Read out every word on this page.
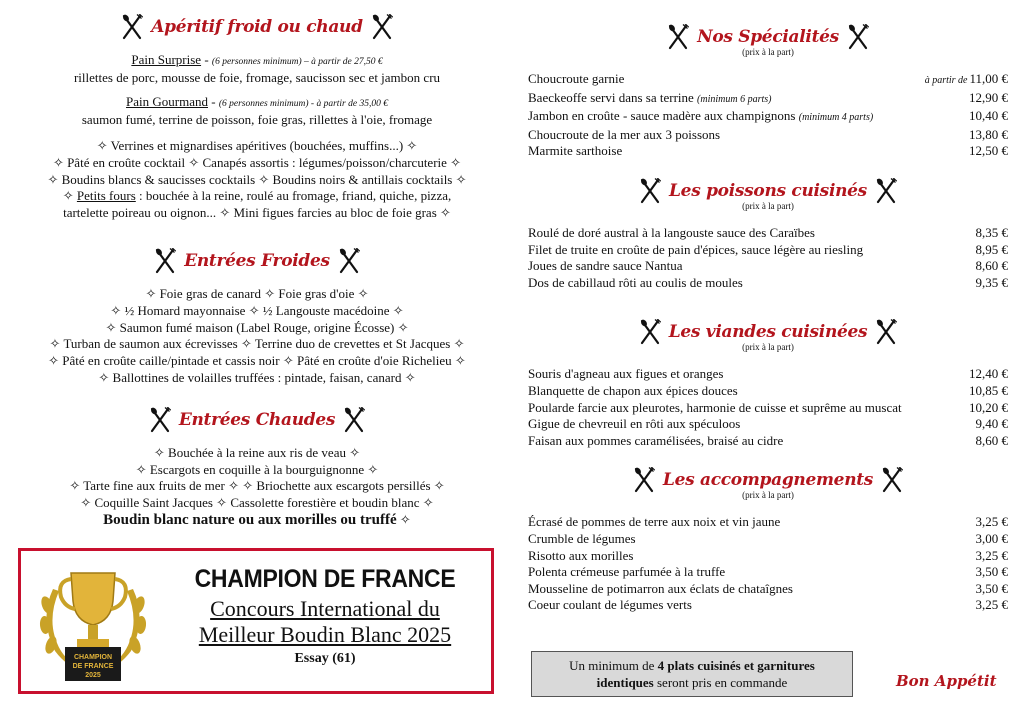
Apéritif froid ou chaud
Pain Surprise - (6 personnes minimum) – à partir de 27,50 €
rillettes de porc, mousse de foie, fromage, saucisson sec et jambon cru
Pain Gourmand - (6 personnes minimum) - à partir de 35,00 €
saumon fumé, terrine de poisson, foie gras, rillettes à l'oie, fromage
✧ Verrines et mignardises apéritives (bouchées, muffins...) ✧
✧ Pâté en croûte cocktail ✧ Canapés assortis : légumes/poisson/charcuterie ✧
✧ Boudins blancs & saucisses cocktails ✧ Boudins noirs & antillais cocktails ✧
✧ Petits fours : bouchée à la reine, roulé au fromage, friand, quiche, pizza,
tartelette poireau ou oignon... ✧ Mini figues farcies au bloc de foie gras ✧
Entrées Froides
✧ Foie gras de canard ✧ Foie gras d'oie ✧
✧ ½ Homard mayonnaise ✧ ½ Langouste macédoine ✧
✧ Saumon fumé maison (Label Rouge, origine Écosse) ✧
✧ Turban de saumon aux écrevisses ✧ Terrine duo de crevettes et St Jacques ✧
✧ Pâté en croûte caille/pintade et cassis noir ✧ Pâté en croûte d'oie Richelieu ✧
✧ Ballottines de volailles truffées : pintade, faisan, canard ✧
Entrées Chaudes
✧ Bouchée à la reine aux ris de veau ✧
✧ Escargots en coquille à la bourguignonne ✧
✧ Tarte fine aux fruits de mer ✧ ✧ Briochette aux escargots persillés ✧
✧ Coquille Saint Jacques ✧ Cassolette forestière et boudin blanc ✧
Boudin blanc nature ou aux morilles ou truffé ✧
CHAMPION
DE FRANCE
2025
CHAMPION DE FRANCE
Concours International du
Meilleur Boudin Blanc 2025
Essay (61)
Nos Spécialités
(prix à la part)
Choucroute garnie	à partir de 11,00 €
Baeckeoffe servi dans sa terrine (minimum 6 parts)	12,90 €
Jambon en croûte - sauce madère aux champignons (minimum 4 parts)	10,40 €
Choucroute de la mer aux 3 poissons	13,80 €
Marmite sarthoise	12,50 €
Les poissons cuisinés
(prix à la part)
Roulé de doré austral à la langouste sauce des Caraïbes	8,35 €
Filet de truite en croûte de pain d'épices, sauce légère au riesling	8,95 €
Joues de sandre sauce Nantua	8,60 €
Dos de cabillaud rôti au coulis de moules	9,35 €
Les viandes cuisinées
(prix à la part)
Souris d'agneau aux figues et oranges	12,40 €
Blanquette de chapon aux épices douces	10,85 €
Poularde farcie aux pleurotes, harmonie de cuisse et suprême au muscat	10,20 €
Gigue de chevreuil en rôti aux spéculoos	9,40 €
Faisan aux pommes caramélisées, braisé au cidre	8,60 €
Les accompagnements
(prix à la part)
Écrasé de pommes de terre aux noix et vin jaune	3,25 €
Crumble de légumes	3,00 €
Risotto aux morilles	3,25 €
Polenta crémeuse parfumée à la truffe	3,50 €
Mousseline de potimarron aux éclats de chataîgnes	3,50 €
Coeur coulant de légumes verts	3,25 €
Un minimum de 4 plats cuisinés et garnitures
identiques seront pris en commande	Bon Appétit
